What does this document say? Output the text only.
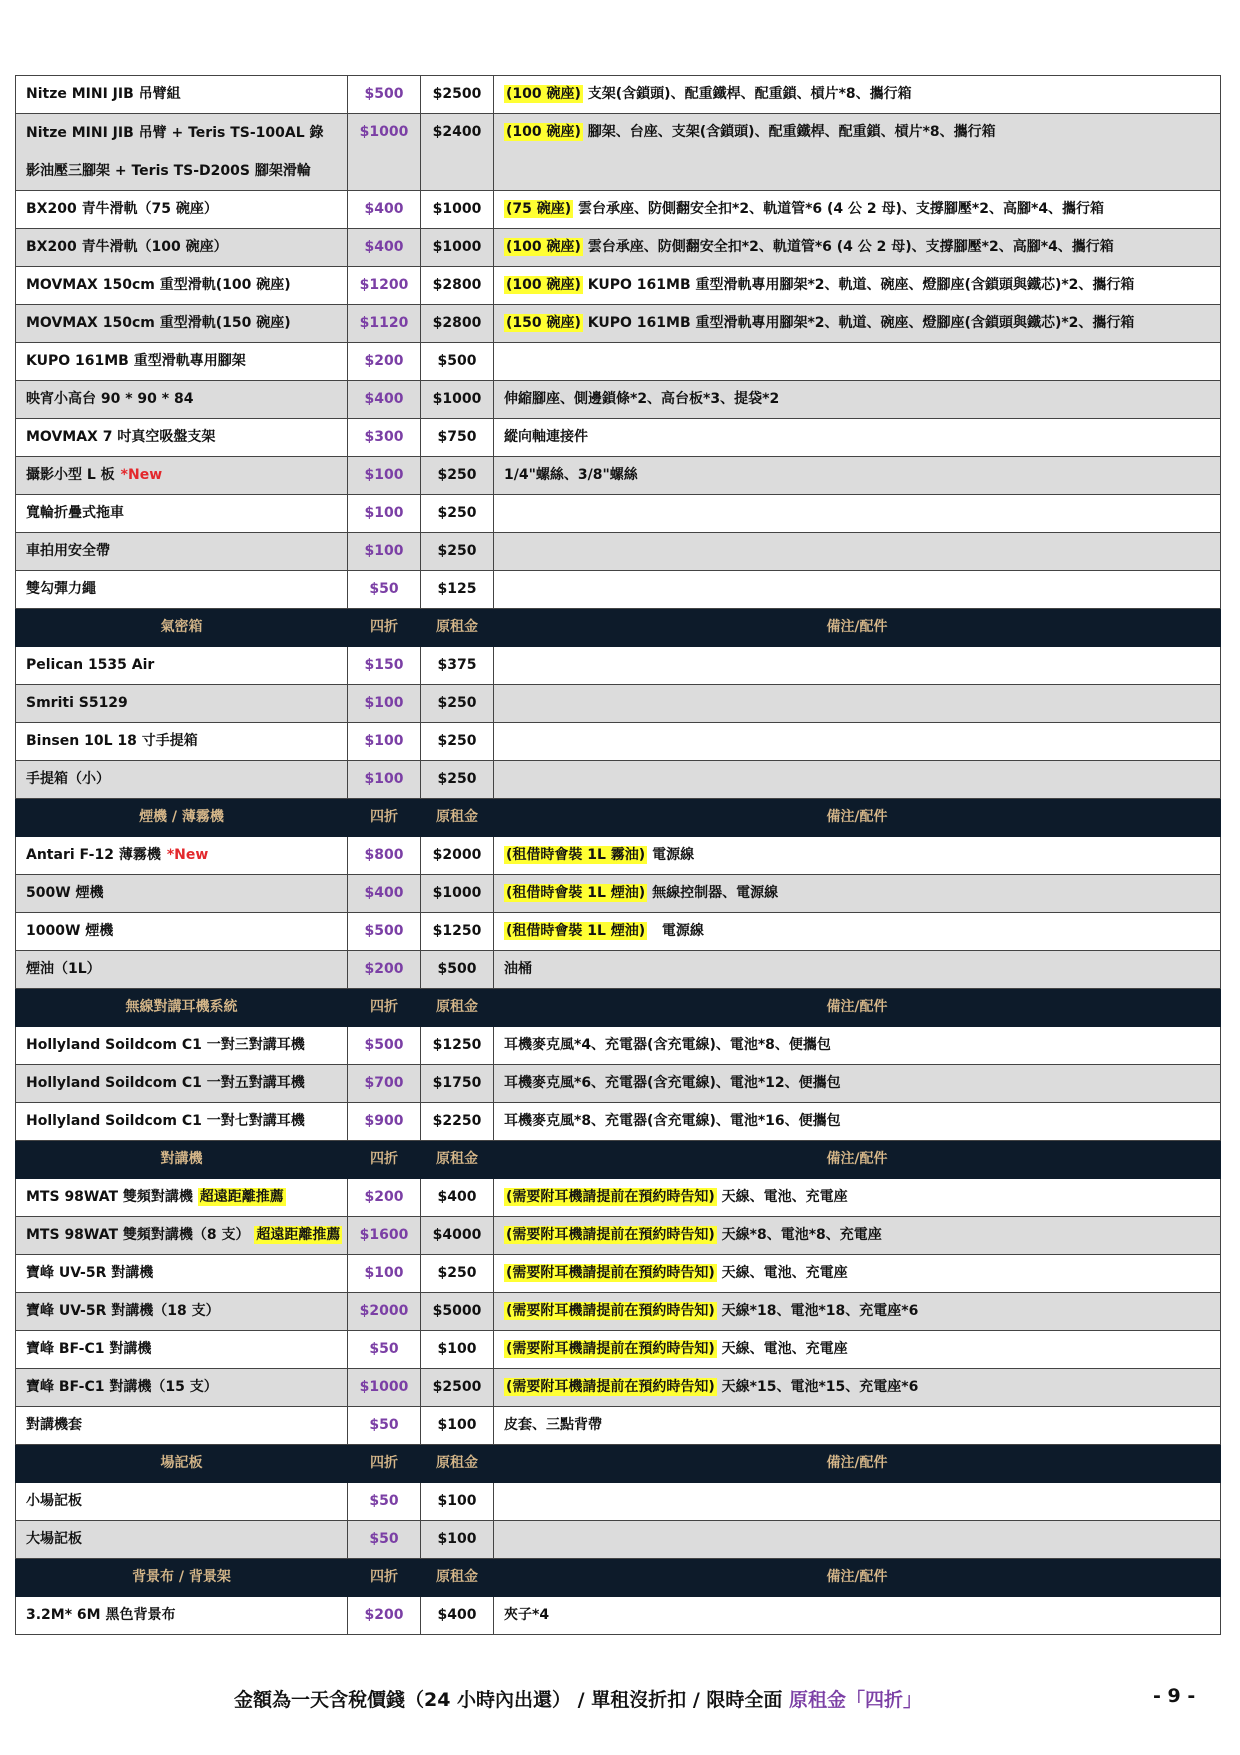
Nitze MINI JIB 吊臂組	$500	$2500	(100 碗座) 支架(含鎖頭)、配重鐵桿、配重鎖、槓片*8、攜行箱
Nitze MINI JIB 吊臂 + Teris TS-100AL 錄影油壓三腳架 + Teris TS-D200S 腳架滑輪	$1000	$2400	(100 碗座) 腳架、台座、支架(含鎖頭)、配重鐵桿、配重鎖、槓片*8、攜行箱
BX200 青牛滑軌（75 碗座）	$400	$1000	(75 碗座) 雲台承座、防側翻安全扣*2、軌道管*6 (4 公 2 母)、支撐腳壓*2、高腳*4、攜行箱
BX200 青牛滑軌（100 碗座）	$400	$1000	(100 碗座) 雲台承座、防側翻安全扣*2、軌道管*6 (4 公 2 母)、支撐腳壓*2、高腳*4、攜行箱
MOVMAX 150cm 重型滑軌(100 碗座)	$1200	$2800	(100 碗座) KUPO 161MB 重型滑軌專用腳架*2、軌道、碗座、燈腳座(含鎖頭與鐵芯)*2、攜行箱
MOVMAX 150cm 重型滑軌(150 碗座)	$1120	$2800	(150 碗座) KUPO 161MB 重型滑軌專用腳架*2、軌道、碗座、燈腳座(含鎖頭與鐵芯)*2、攜行箱
KUPO 161MB 重型滑軌專用腳架	$200	$500	
映宵小高台 90 * 90 * 84	$400	$1000	伸縮腳座、側邊鎖條*2、高台板*3、提袋*2
MOVMAX 7 吋真空吸盤支架	$300	$750	縱向軸連接件
攝影小型 L 板 *New	$100	$250	1/4"螺絲、3/8"螺絲
寬輪折疊式拖車	$100	$250	
車拍用安全帶	$100	$250	
雙勾彈力繩	$50	$125	
氣密箱	四折	原租金	備注/配件
Pelican 1535 Air	$150	$375	
Smriti S5129	$100	$250	
Binsen 10L 18 寸手提箱	$100	$250	
手提箱（小）	$100	$250	
煙機 / 薄霧機	四折	原租金	備注/配件
Antari F-12 薄霧機 *New	$800	$2000	(租借時會裝 1L 霧油) 電源線
500W 煙機	$400	$1000	(租借時會裝 1L 煙油) 無線控制器、電源線
1000W 煙機	$500	$1250	(租借時會裝 1L 煙油)   電源線
煙油（1L）	$200	$500	油桶
無線對講耳機系統	四折	原租金	備注/配件
Hollyland Soildcom C1 一對三對講耳機	$500	$1250	耳機麥克風*4、充電器(含充電線)、電池*8、便攜包
Hollyland Soildcom C1 一對五對講耳機	$700	$1750	耳機麥克風*6、充電器(含充電線)、電池*12、便攜包
Hollyland Soildcom C1 一對七對講耳機	$900	$2250	耳機麥克風*8、充電器(含充電線)、電池*16、便攜包
對講機	四折	原租金	備注/配件
MTS 98WAT 雙頻對講機 超遠距離推薦	$200	$400	(需要附耳機請提前在預約時告知) 天線、電池、充電座
MTS 98WAT 雙頻對講機（8 支） 超遠距離推薦	$1600	$4000	(需要附耳機請提前在預約時告知) 天線*8、電池*8、充電座
寶峰 UV-5R 對講機	$100	$250	(需要附耳機請提前在預約時告知) 天線、電池、充電座
寶峰 UV-5R 對講機（18 支）	$2000	$5000	(需要附耳機請提前在預約時告知) 天線*18、電池*18、充電座*6
寶峰 BF-C1 對講機	$50	$100	(需要附耳機請提前在預約時告知) 天線、電池、充電座
寶峰 BF-C1 對講機（15 支）	$1000	$2500	(需要附耳機請提前在預約時告知) 天線*15、電池*15、充電座*6
對講機套	$50	$100	皮套、三點背帶
場記板	四折	原租金	備注/配件
小場記板	$50	$100	
大場記板	$50	$100	
背景布 / 背景架	四折	原租金	備注/配件
3.2M* 6M 黑色背景布	$200	$400	夾子*4
金額為一天含稅價錢（24 小時內出還） / 單租沒折扣 / 限時全面 原租金「四折」	- 9 -
